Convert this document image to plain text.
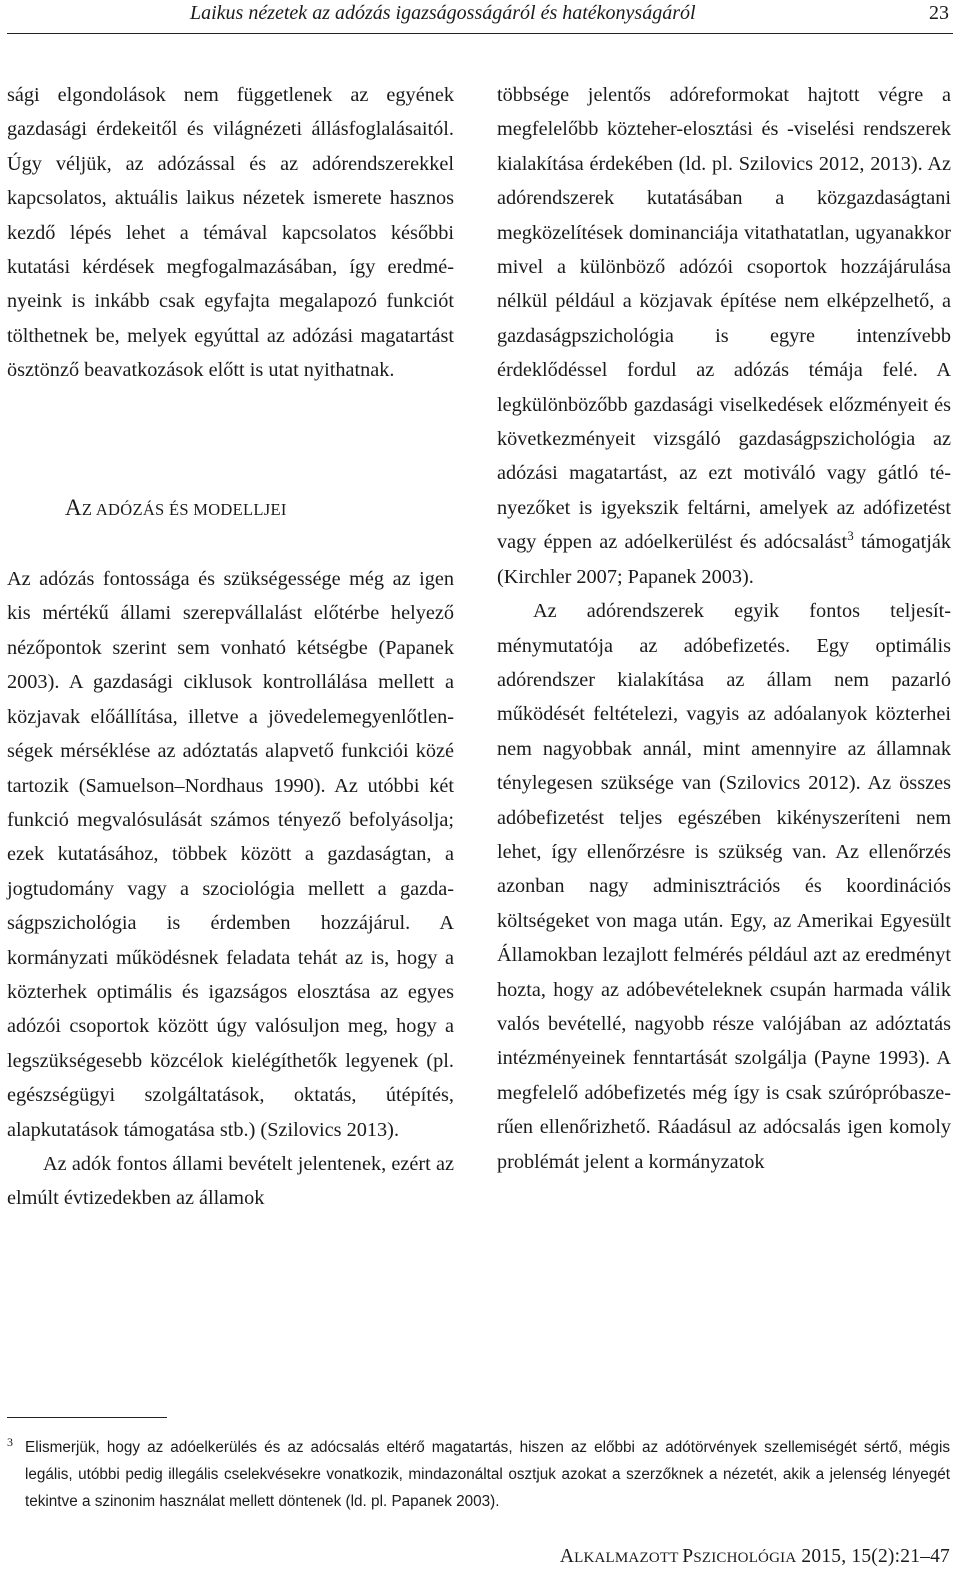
Laikus nézetek az adózás igazságosságáról és hatékonyságáról	23

sági elgondolások nem függetlenek az egyének gazdasági érdekeitől és világnézeti állásfoglalásaitól. Úgy véljük, az adózással és az adórendszerekkel kapcsolatos, aktuális laikus nézetek ismerete hasznos kezdő lépés lehet a témával kapcsolatos későbbi kutatási kérdések megfogalmazásában, így eredményeink is inkább csak egyfajta megalapozó funkciót tölthetnek be, melyek egyúttal az adózási magatartást ösztönző beavatkozások előtt is utat nyithatnak.

AZ ADÓZÁS ÉS MODELLJEI

Az adózás fontossága és szükségessége még az igen kis mértékű állami szerepvállalást előtérbe helyező nézőpontok szerint sem vonható kétségbe (Papanek 2003). A gazdasági ciklusok kontrollálása mellett a közjavak előállítása, illetve a jövedelemegyenlőtlenségek mérséklése az adóztatás alapvető funkciói közé tartozik (Samuelson–Nordhaus 1990). Az utóbbi két funkció megvalósulását számos tényező befolyásolja; ezek kutatásához, többek között a gazdaságtan, a jogtudomány vagy a szociológia mellett a gazdaságpszichológia is érdemben hozzájárul. A kormányzati működésnek feladata tehát az is, hogy a közterhek optimális és igazságos elosztása az egyes adózói csoportok között úgy valósuljon meg, hogy a legszükségesebb közcélok kielégíthetők legyenek (pl. egészségügyi szolgáltatások, oktatás, útépítés, alapkutatások támogatása stb.) (Szilovics 2013).

Az adók fontos állami bevételt jelentenek, ezért az elmúlt évtizedekben az államok

többsége jelentős adóreformokat hajtott végre a megfelelőbb közteher-elosztási és -viselési rendszerek kialakítása érdekében (ld. pl. Szilovics 2012, 2013). Az adórendszerek kutatásában a közgazdaságtani megközelítések dominanciája vitathatatlan, ugyanakkor mivel a különböző adózói csoportok hozzájárulása nélkül például a közjavak építése nem elképzelhető, a gazdaságpszichológia is egyre intenzívebb érdeklődéssel fordul az adózás témája felé. A legkülönbözőbb gazdasági viselkedések előzményeit és következményeit vizsgáló gazdaságpszichológia az adózási magatartást, az ezt motiváló vagy gátló tényezőket is igyekszik feltárni, amelyek az adófizetést vagy éppen az adóelkerülést és adócsalást$^3$ támogatják (Kirchler 2007; Papanek 2003).

Az adórendszerek egyik fontos teljesítménymutatója az adóbefizetés. Egy optimális adórendszer kialakítása az állam nem pazarló működését feltételezi, vagyis az adóalanyok közterhei nem nagyobbak annál, mint amennyire az államnak ténylegesen szüksége van (Szilovics 2012). Az összes adóbefizetést teljes egészében kikényszeríteni nem lehet, így ellenőrzésre is szükség van. Az ellenőrzés azonban nagy adminisztrációs és koordinációs költségeket von maga után. Egy, az Amerikai Egyesült Államokban lezajlott felmérés például azt az eredményt hozta, hogy az adóbevételeknek csupán harmada válik valós bevétellé, nagyobb része valójában az adóztatás intézményeinek fenntartását szolgálja (Payne 1993). A megfelelő adóbefizetés még így is csak szúrópróbaszerűen ellenőrizhető. Ráadásul az adócsalás igen komoly problémát jelent a kormányzatok

3 Elismerjük, hogy az adóelkerülés és az adócsalás eltérő magatartás, hiszen az előbbi az adótörvények szellemiségét sértő, mégis legális, utóbbi pedig illegális cselekvésekre vonatkozik, mindazonáltal osztjuk azokat a szerzőknek a nézetét, akik a jelenség lényegét tekintve a szinonim használat mellett döntenek (ld. pl. Papanek 2003).
ALKALMAZOTT PSZICHOLÓGIA 2015, 15(2):21–47
